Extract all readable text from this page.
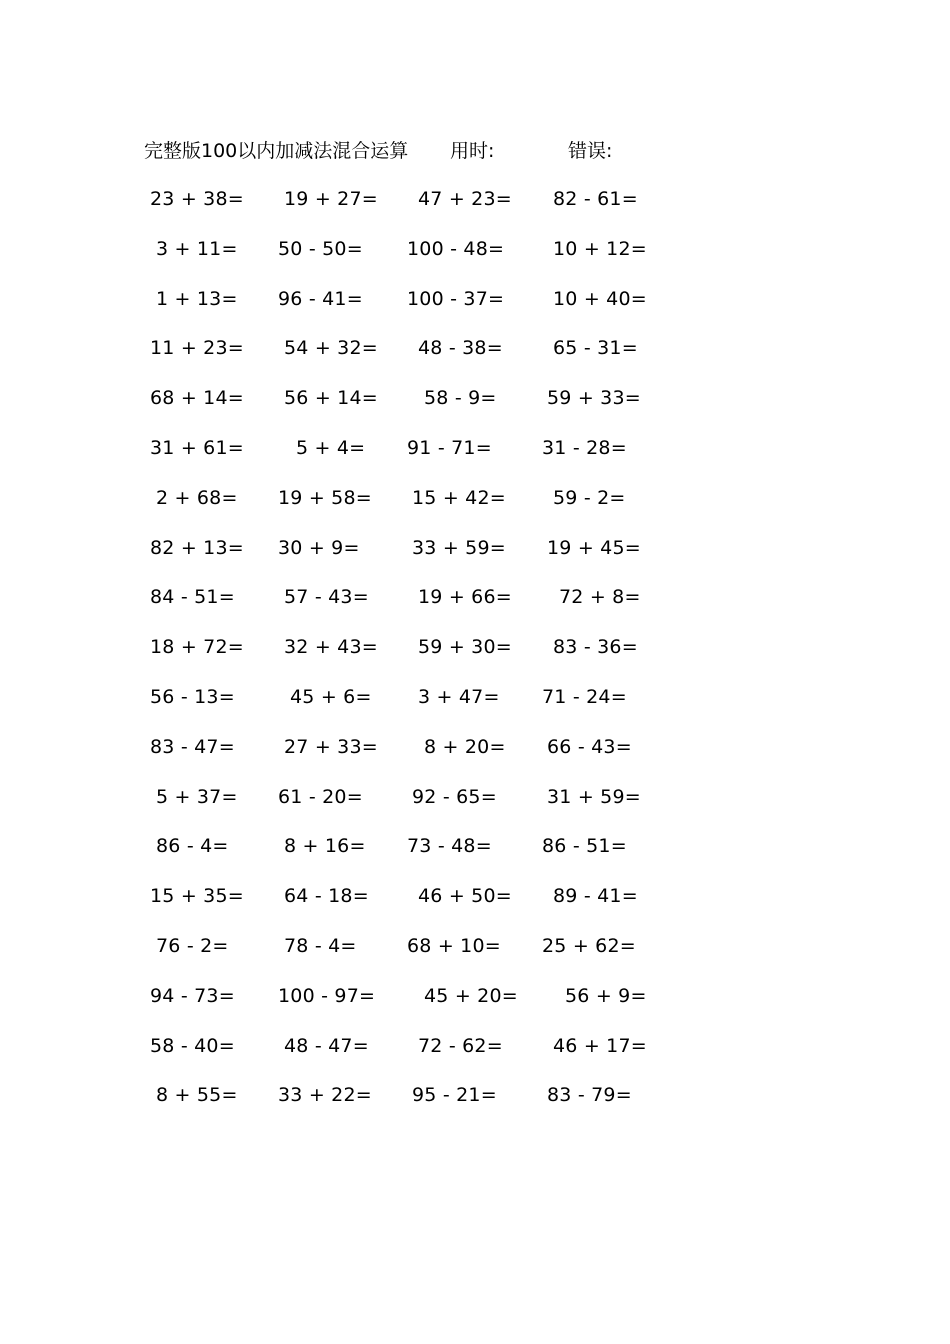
完整版100以内加减法混合运算 用时:	错误:
23 + 38= 19 + 27= 47 + 23= 82 - 61=
3 + 11= 50 - 50= 100 - 48=	10 + 12=
1 + 13= 96 - 41= 100 - 37=	10 + 40=
11 + 23= 54 + 32= 48 - 38=	65 - 31=
68 + 14= 56 + 14= 58 - 9=	59 + 33=
31 + 61=	5 + 4= 91 - 71=	31 - 28=
2 + 68= 19 + 58= 15 + 42= 59 - 2=
82 + 13= 30 + 9=	33 + 59= 19 + 45=
84 - 51=	57 - 43=	19 + 66= 72 + 8=
18 + 72= 32 + 43= 59 + 30= 83 - 36=
56 - 13=	45 + 6= 3 + 47= 71 - 24=
83 - 47=	27 + 33= 8 + 20= 66 - 43=
5 + 37= 61 - 20=	92 - 65=	31 + 59=
86 - 4=	8 + 16= 73 - 48=	86 - 51=
15 + 35= 64 - 18=	46 + 50= 89 - 41=
76 - 2=	78 - 4=	68 + 10= 25 + 62=
94 - 73= 100 - 97=	45 + 20= 56 + 9=
58 - 40=	48 - 47=	72 - 62=	46 + 17=
8 + 55= 33 + 22= 95 - 21=	83 - 79=
